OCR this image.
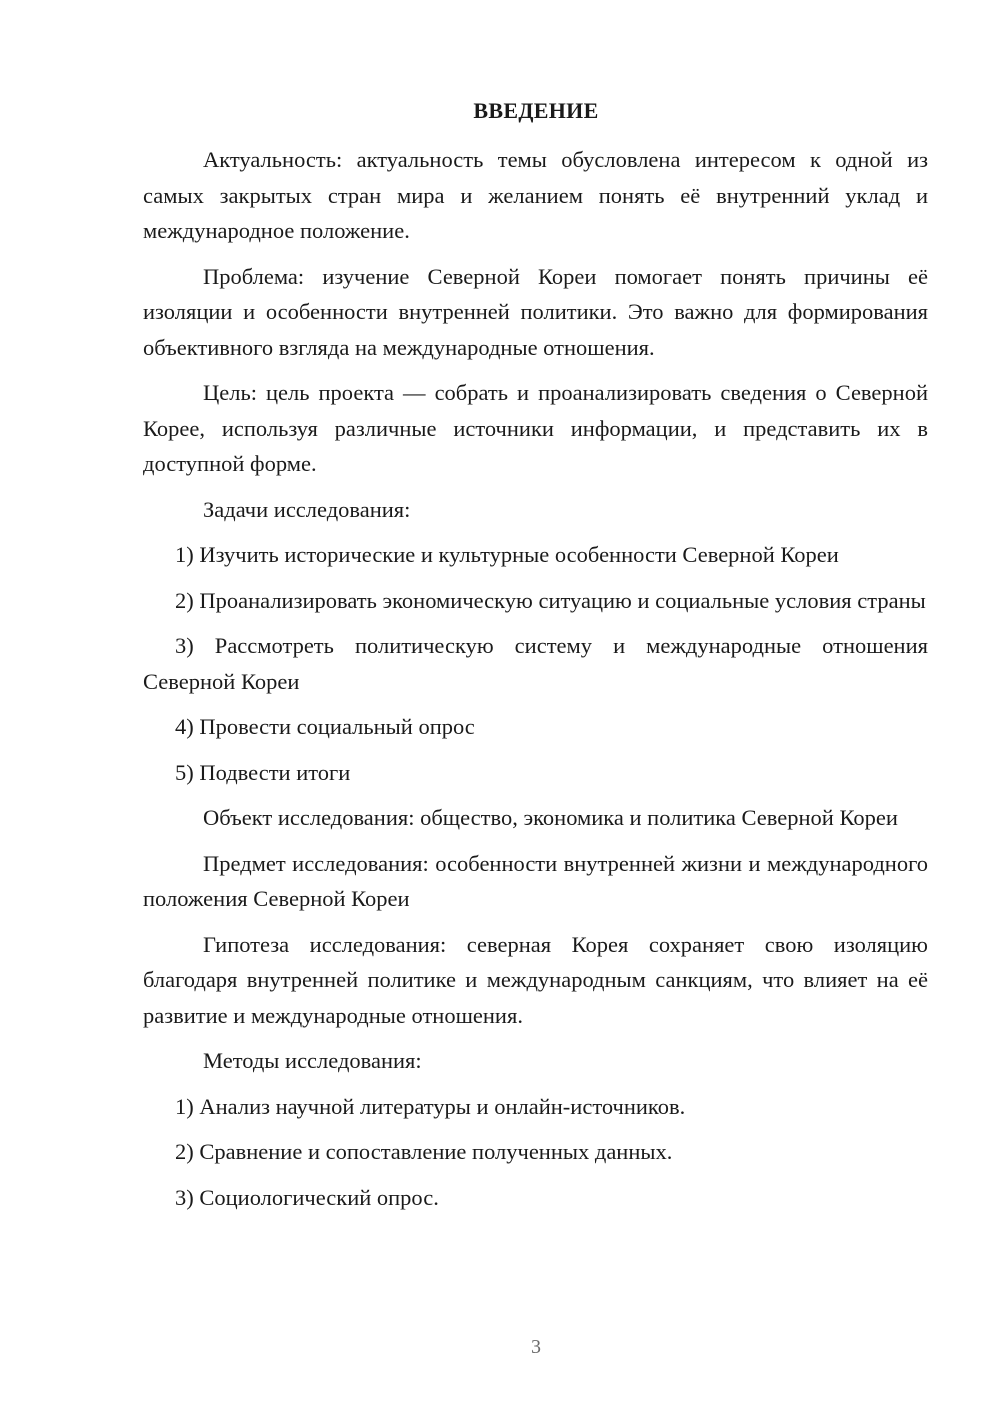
ВВЕДЕНИЕ

Актуальность: актуальность темы обусловлена интересом к одной из самых закрытых стран мира и желанием понять её внутренний уклад и международное положение.

Проблема: изучение Северной Кореи помогает понять причины её изоляции и особенности внутренней политики. Это важно для формирования объективного взгляда на международные отношения.

Цель: цель проекта — собрать и проанализировать сведения о Северной Корее, используя различные источники информации, и представить их в доступной форме.

Задачи исследования:

1) Изучить исторические и культурные особенности Северной Кореи

2) Проанализировать экономическую ситуацию и социальные условия страны

3) Рассмотреть политическую систему и международные отношения Северной Кореи

4) Провести социальный опрос

5) Подвести итоги

Объект исследования: общество, экономика и политика Северной Кореи

Предмет исследования: особенности внутренней жизни и международного положения Северной Кореи

Гипотеза исследования: северная Корея сохраняет свою изоляцию благодаря внутренней политике и международным санкциям, что влияет на её развитие и международные отношения.

Методы исследования:

1) Анализ научной литературы и онлайн-источников.

2) Сравнение и сопоставление полученных данных.

3) Социологический опрос.

3
